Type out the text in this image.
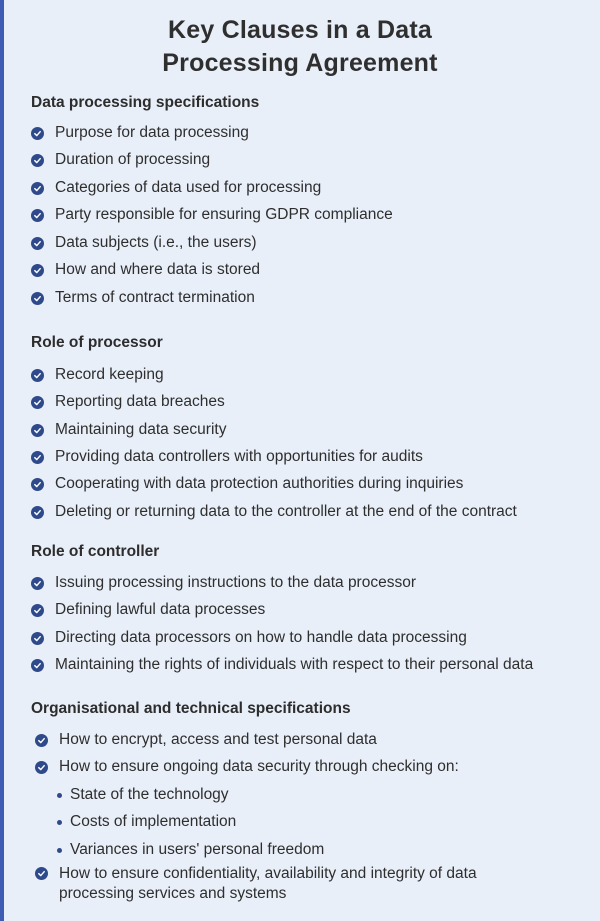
Key Clauses in a Data
Processing Agreement
Data processing specifications
Purpose for data processing
Duration of processing
Categories of data used for processing
Party responsible for ensuring GDPR compliance
Data subjects (i.e., the users)
How and where data is stored
Terms of contract termination
Role of processor
Record keeping
Reporting data breaches
Maintaining data security
Providing data controllers with opportunities for audits
Cooperating with data protection authorities during inquiries
Deleting or returning data to the controller at the end of the contract
Role of controller
Issuing processing instructions to the data processor
Defining lawful data processes
Directing data processors on how to handle data processing
Maintaining the rights of individuals with respect to their personal data
Organisational and technical specifications
How to encrypt, access and test personal data
How to ensure ongoing data security through checking on:
State of the technology
Costs of implementation
Variances in users' personal freedom
How to ensure confidentiality, availability and integrity of data
processing services and systems
